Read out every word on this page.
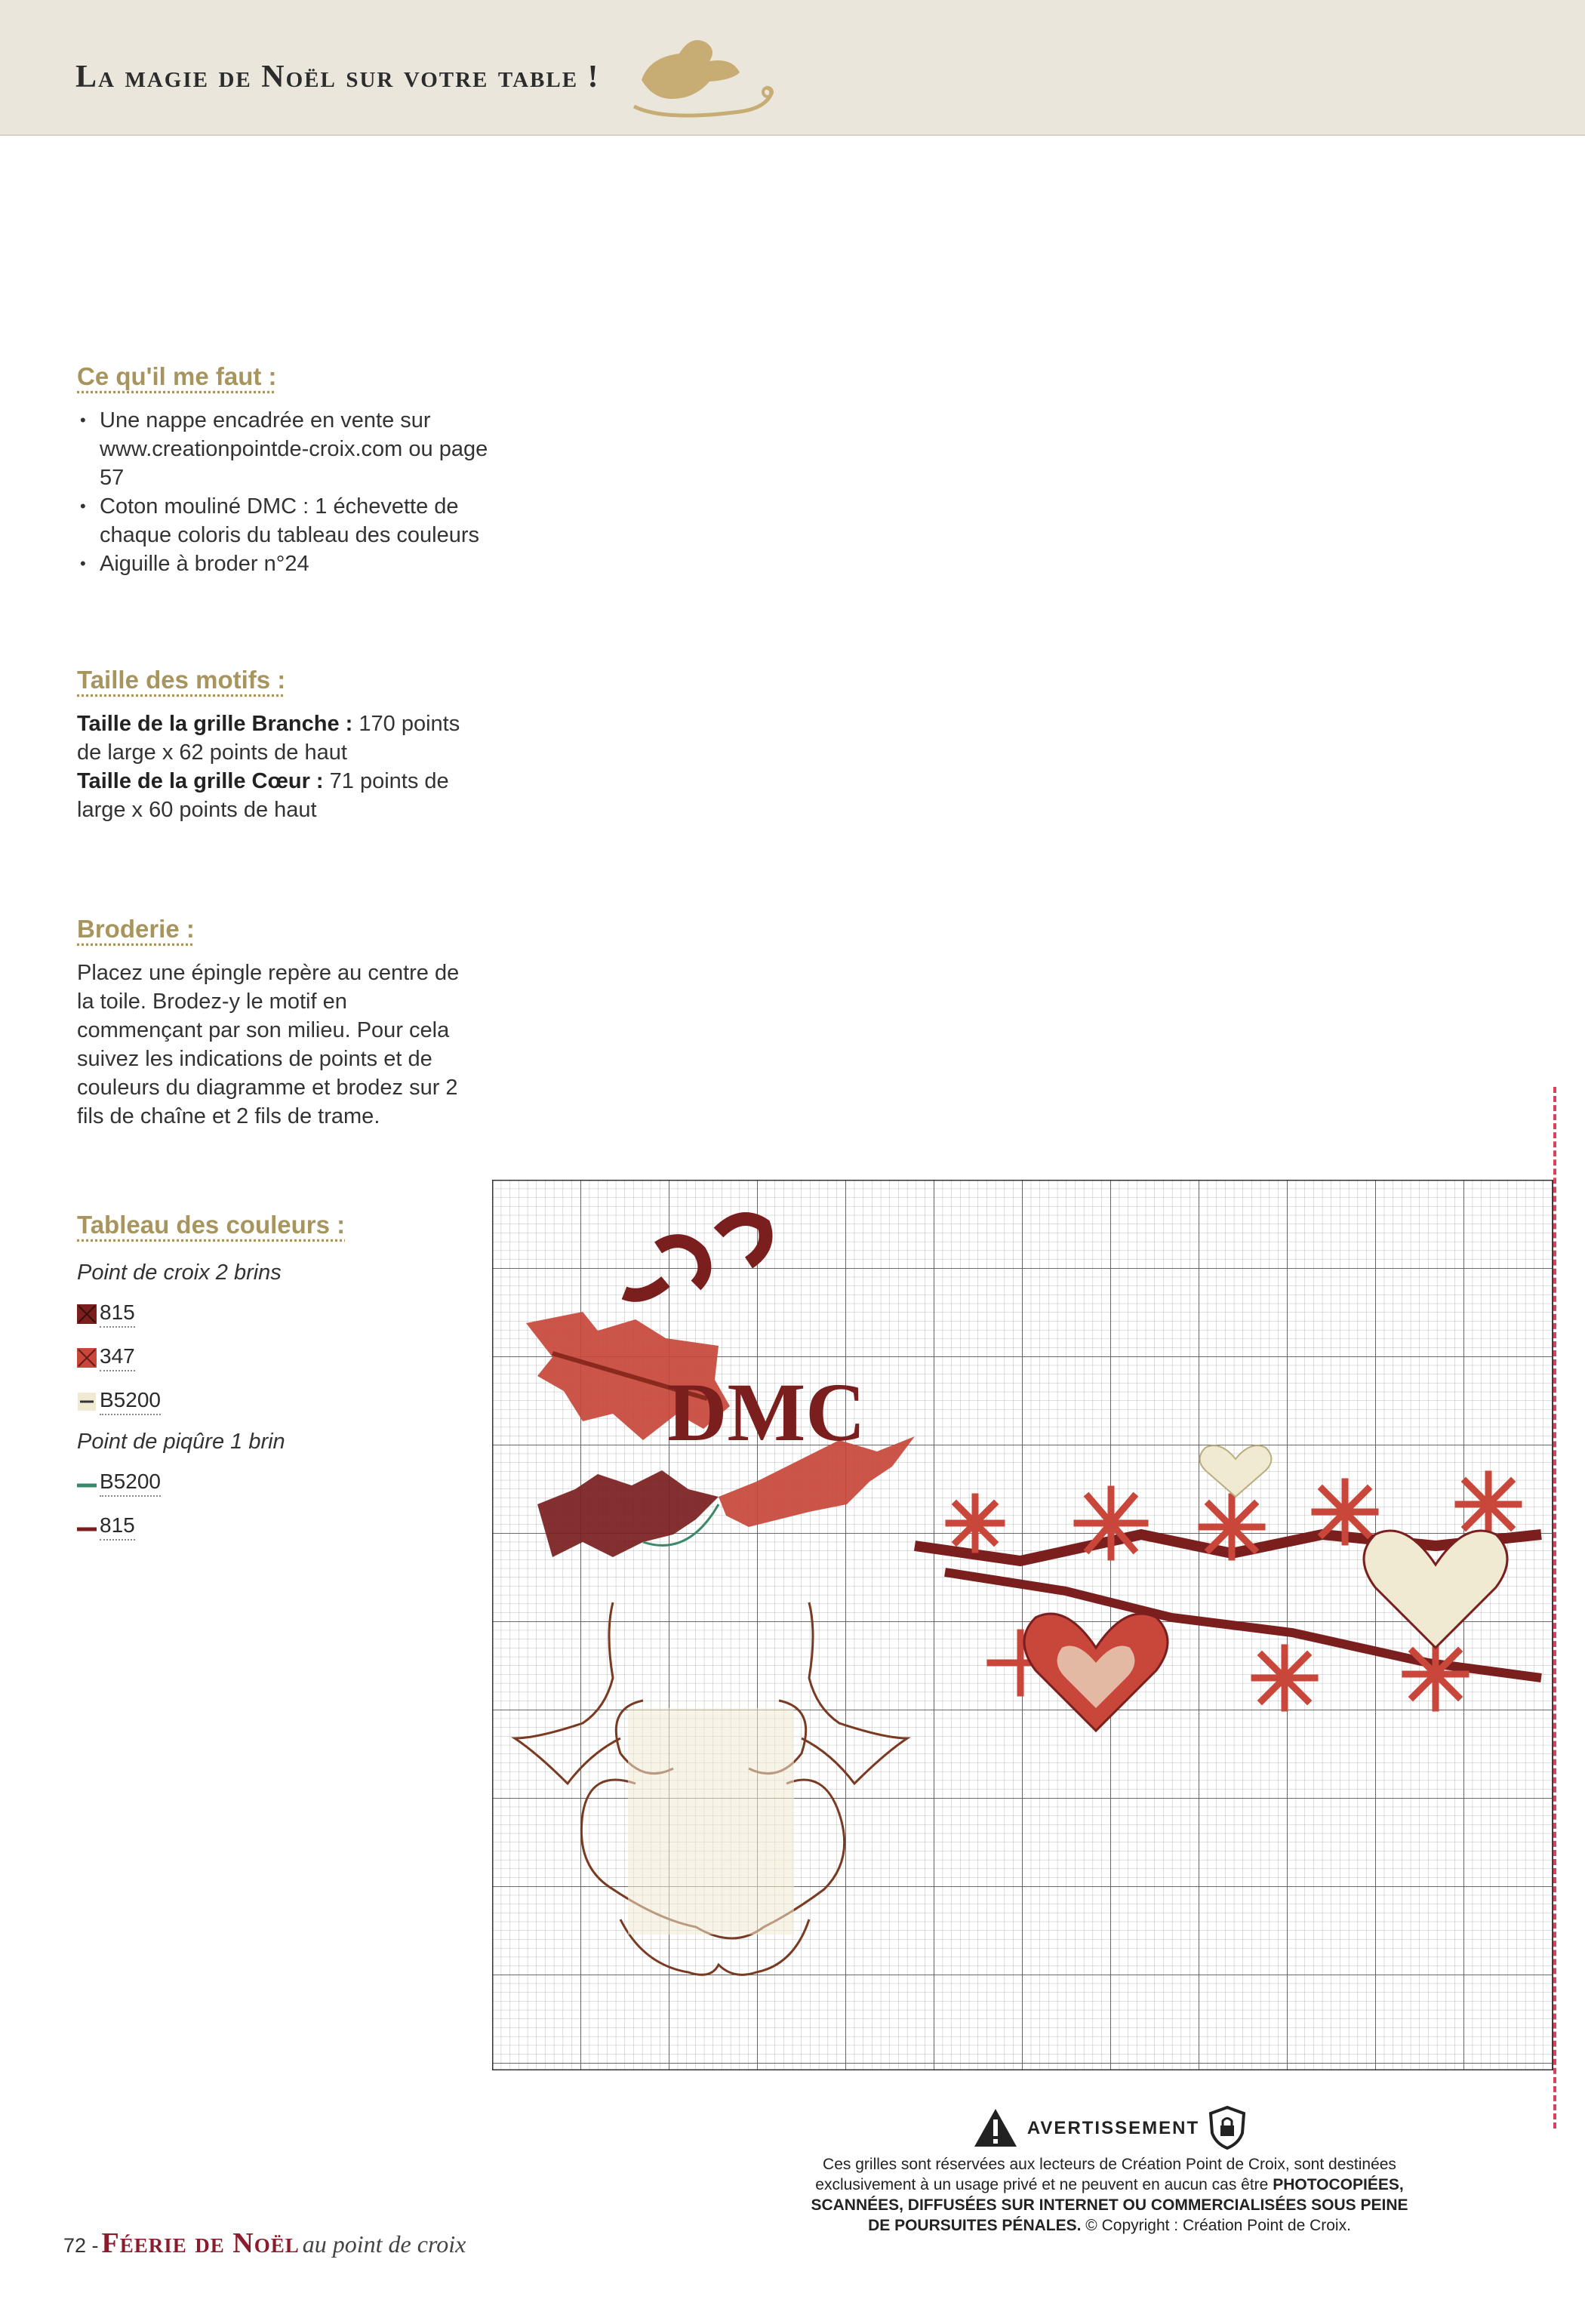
La magie de Noël sur votre table !
Ce qu'il me faut :
• Une nappe encadrée en vente sur www.creationpointde-croix.com ou page 57
• Coton mouliné DMC : 1 échevette de chaque coloris du tableau des couleurs
• Aiguille à broder n°24
Taille des motifs :
Taille de la grille Branche : 170 points de large x 62 points de haut
Taille de la grille Cœur : 71 points de large x 60 points de haut
Broderie :
Placez une épingle repère au centre de la toile. Brodez-y le motif en commençant par son milieu. Pour cela suivez les indications de points et de couleurs du diagramme et brodez sur 2 fils de chaîne et 2 fils de trame.
Tableau des couleurs :
Point de croix 2 brins
815
347
B5200
Point de piqûre 1 brin
B5200
815
DMC
AVERTISSEMENT
Ces grilles sont réservées aux lecteurs de Création Point de Croix, sont destinées
exclusivement à un usage privé et ne peuvent en aucun cas être PHOTOCOPIÉES,
SCANNÉES, DIFFUSÉES SUR INTERNET OU COMMERCIALISÉES SOUS PEINE
DE POURSUITES PÉNALES. © Copyright : Création Point de Croix.
72 - Féerie de Noël au point de croix
